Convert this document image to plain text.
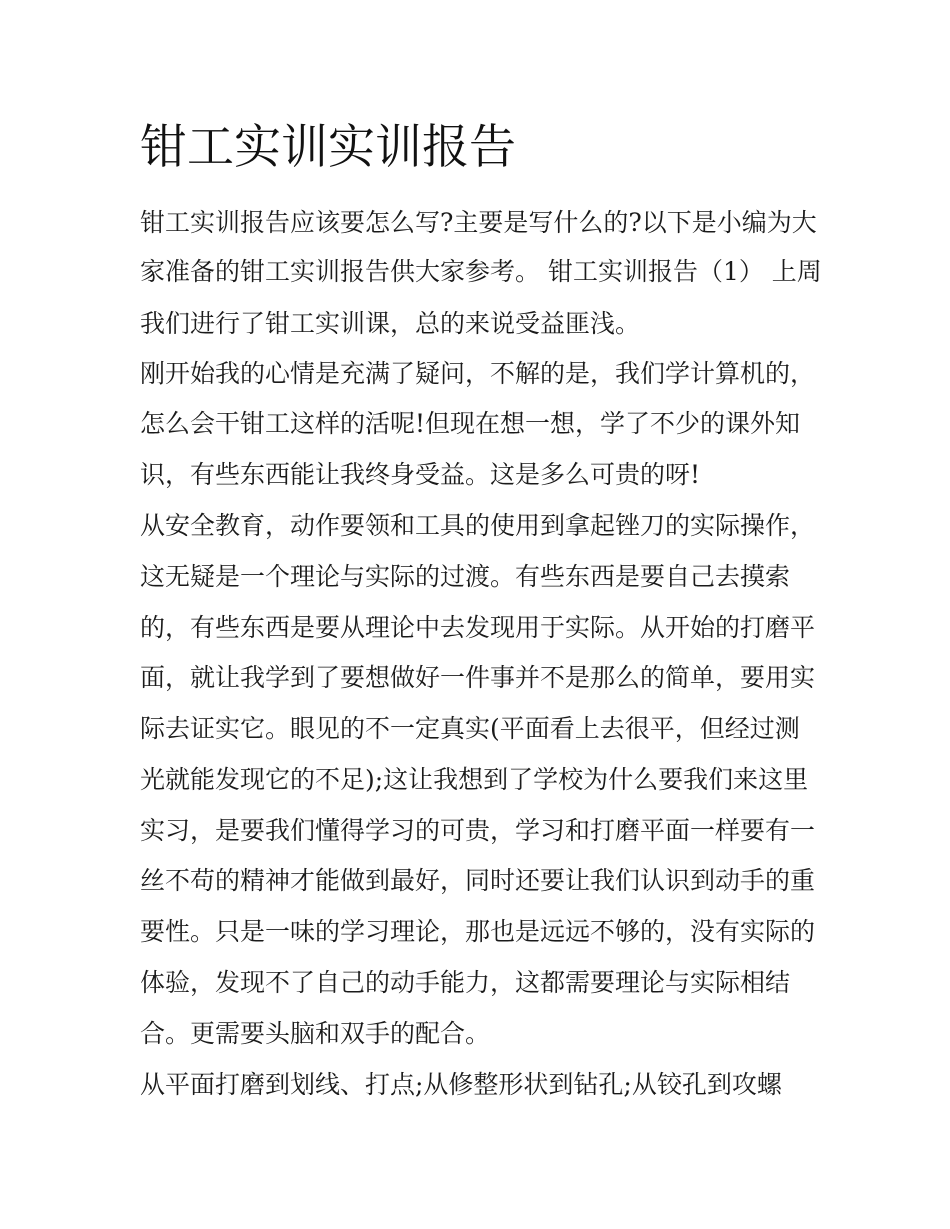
钳工实训实训报告

钳工实训报告应该要怎么写?主要是写什么的?以下是小编为大

家准备的钳工实训报告供大家参考。 钳工实训报告（1） 上周

我们进行了钳工实训课，总的来说受益匪浅。

刚开始我的心情是充满了疑问，不解的是，我们学计算机的，

怎么会干钳工这样的活呢!但现在想一想，学了不少的课外知

识，有些东西能让我终身受益。这是多么可贵的呀!

从安全教育，动作要领和工具的使用到拿起锉刀的实际操作，

这无疑是一个理论与实际的过渡。有些东西是要自己去摸索

的，有些东西是要从理论中去发现用于实际。从开始的打磨平

面，就让我学到了要想做好一件事并不是那么的简单，要用实

际去证实它。眼见的不一定真实(平面看上去很平，但经过测

光就能发现它的不足);这让我想到了学校为什么要我们来这里

实习，是要我们懂得学习的可贵，学习和打磨平面一样要有一

丝不苟的精神才能做到最好，同时还要让我们认识到动手的重

要性。只是一味的学习理论，那也是远远不够的，没有实际的

体验，发现不了自己的动手能力，这都需要理论与实际相结

合。更需要头脑和双手的配合。

从平面打磨到划线、打点;从修整形状到钻孔;从铰孔到攻螺
